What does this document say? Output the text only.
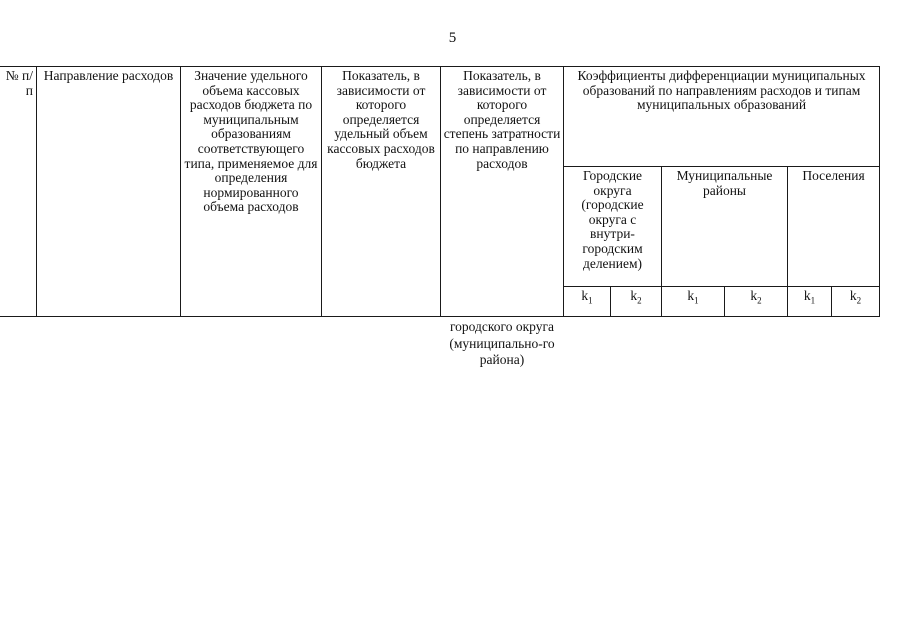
5
№ п/п	Направление расходов	Значение удельного объема кассовых расходов бюджета по муниципальным образованиям соответствующего типа, применяемое для определения нормированного объема расходов	Показатель, в зависимости от которого определяется удельный объем кассовых расходов бюджета	Показатель, в зависимости от которого определяется степень затратности по направлению расходов	Коэффициенты дифференциации муниципальных образований по направлениям расходов и типам муниципальных образований					
					Городские округа (городские округа с внутри-городским делением)		Муниципальные районы		Поселения	
					$k_1$	$k_2$	$k_1$	$k_2$	$k_1$	$k_2$
городского округа (муниципально-го района)
